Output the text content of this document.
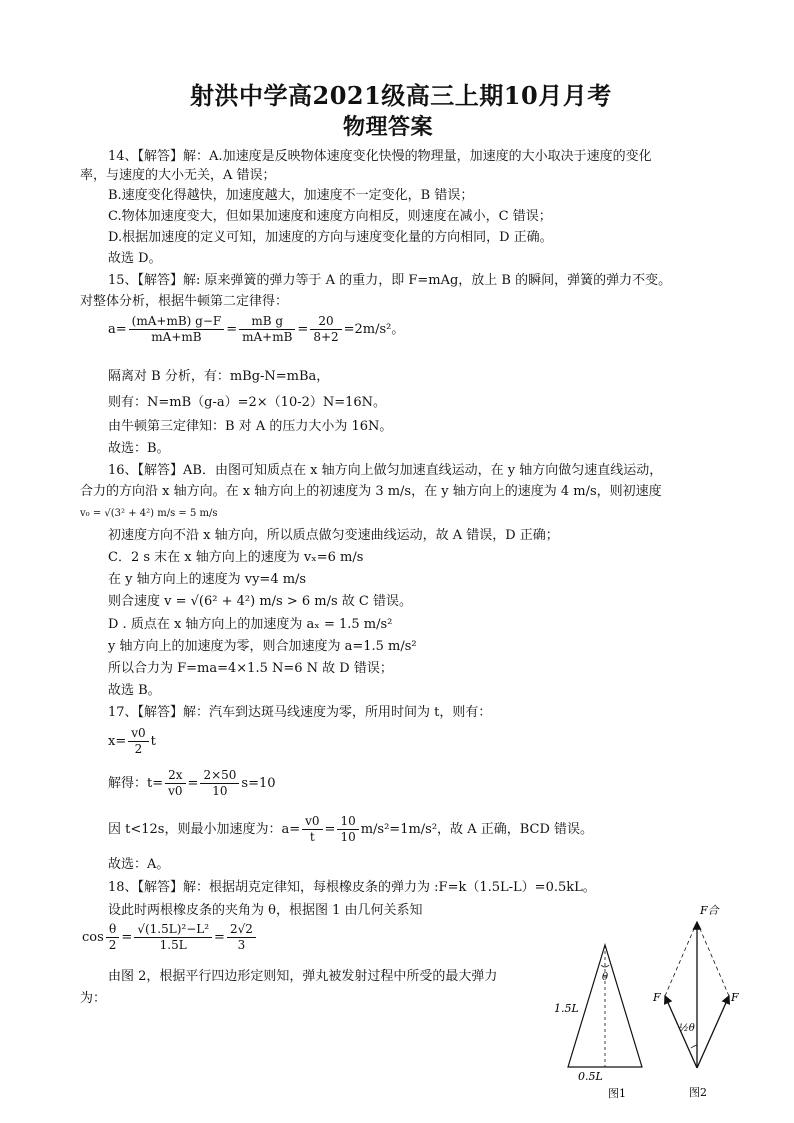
射洪中学高2021级高三上期10月月考
物理答案
14、【解答】解：A.加速度是反映物体速度变化快慢的物理量，加速度的大小取决于速度的变化
率，与速度的大小无关，A 错误；
B.速度变化得越快，加速度越大，加速度不一定变化，B 错误；
C.物体加速度变大，但如果加速度和速度方向相反，则速度在减小，C 错误；
D.根据加速度的定义可知，加速度的方向与速度变化量的方向相同，D 正确。
故选 D。
15、【解答】解: 原来弹簧的弹力等于 A 的重力，即 F=mAg，放上 B 的瞬间，弹簧的弹力不变。
对整体分析，根据牛顿第二定律得：
$a= \frac{(mA+mB) g-F}{mA+mB} = \frac{\text{mB g}}{mA+mB} = \frac{20}{8+2} =2m/s^2$。
隔离对 B 分析，有：mBg-N=mBa，
则有：N=mB（g-a）=2×（10-2）N=16N。
由牛顿第三定律知：B 对 A 的压力大小为 16N。
故选：B。
16、【解答】AB．由图可知质点在 x 轴方向上做匀加速直线运动，在 y 轴方向做匀速直线运动，
合力的方向沿 x 轴方向。在 x 轴方向上的初速度为 3 m/s，在 y 轴方向上的速度为 4 m/s，则初速度
v₀ = √(3² + 4²) m/s = 5 m/s
初速度方向不沿 x 轴方向，所以质点做匀变速曲线运动，故 A 错误，D 正确；
C．2 s 末在 x 轴方向上的速度为 vₓ=6 m/s
在 y 轴方向上的速度为 vy=4 m/s
则合速度 v = √(6² + 4²) m/s > 6 m/s 故 C 错误。
D . 质点在 x 轴方向上的加速度为 aₓ = 1.5 m/s²
y 轴方向上的加速度为零，则合加速度为 a=1.5 m/s²
所以合力为 F=ma=4×1.5 N=6 N 故 D 错误；
故选 B。
17、【解答】解：汽车到达斑马线速度为零，所用时间为 t，则有：
$x= \frac{v0}{2}$ t
解得：$t= \frac{2x}{v0} = \frac{2\times 50}{10} s=10$
因 t<12s，则最小加速度为：$a= \frac{v0}{t} = \frac{10}{10} m/s^2=1m/s^2$，故 A 正确，BCD 错误。
故选：A。
18、【解答】解：根据胡克定律知，每根橡皮条的弹力为 :F=k（1.5L-L）=0.5kL。
设此时两根橡皮条的夹角为 θ，根据图 1 由几何关系知
$\cos \frac{\theta}{2} = \frac{\text{√(1.5L)²−L²}}{1.5L} = \frac{2√2}{3}$
由图 2，根据平行四边形定则知，弹丸被发射过程中所受的最大弹力
为：
θ
1.5L
0.5L
图1
F合
F	F
½θ
图2
